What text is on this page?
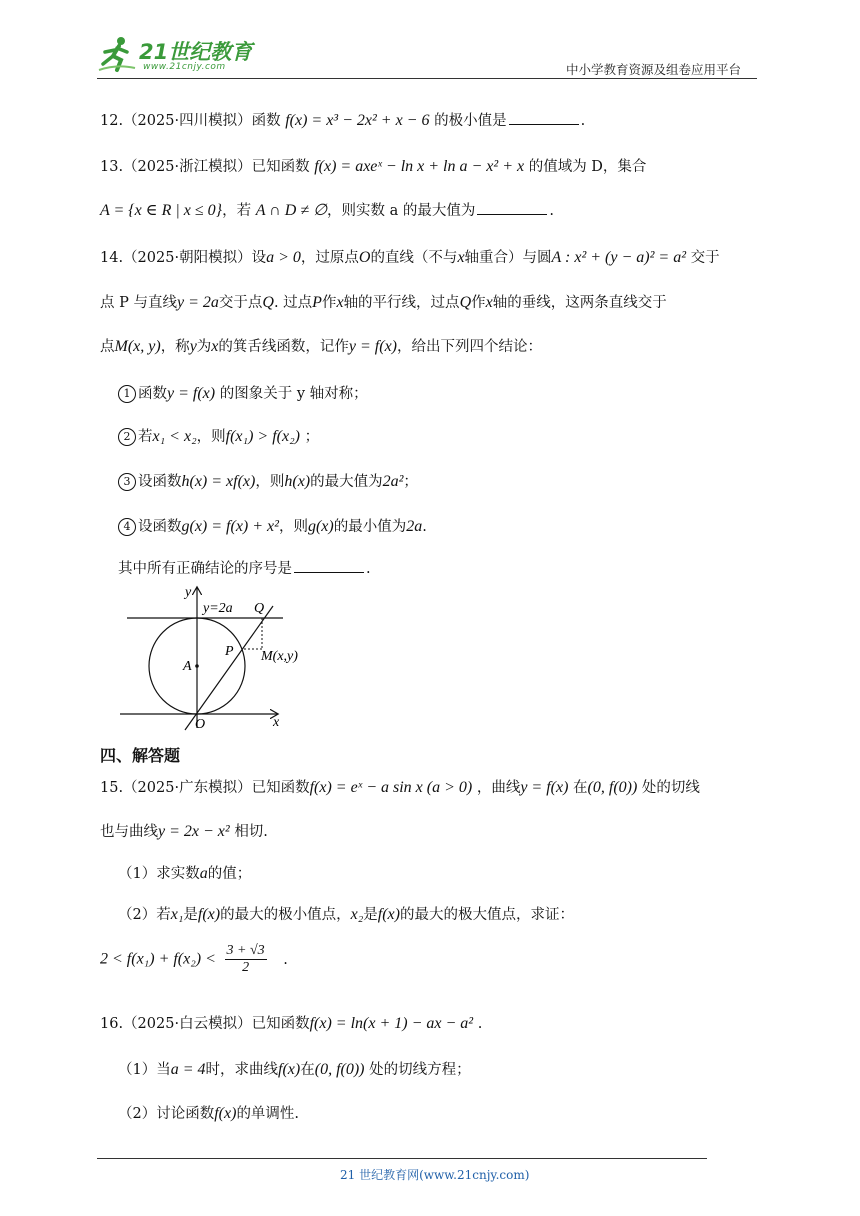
21世纪教育
www.21cnjy.com	中小学教育资源及组卷应用平台
12.（2025·四川模拟）函数 f(x) = x³ − 2x² + x − 6 的极小值是	.
13.（2025·浙江模拟）已知函数 f(x) = axeˣ − ln x + ln a − x² + x 的值域为 D，集合
A = {x ∈ R | x ≤ 0}，若 A ∩ D ≠ ∅，则实数 a 的最大值为	.
14.（2025·朝阳模拟）设a > 0，过原点O的直线（不与x轴重合）与圆A : x² + (y − a)² = a² 交于
点 P 与直线y = 2a交于点Q. 过点P作x轴的平行线，过点Q作x轴的垂线，这两条直线交于
点M(x, y)，称y为x的箕舌线函数，记作y = f(x)，给出下列四个结论：
1 函数y = f(x) 的图象关于 y 轴对称；
2 若x₁ < x₂，则f(x₁) > f(x₂) ；
3 设函数h(x) = xf(x)，则h(x)的最大值为2a²；
4 设函数g(x) = f(x) + x²，则g(x)的最小值为2a.
其中所有正确结论的序号是	.
y
x
y=2a Q
P
A
O
M(x,y)
四、解答题
15.（2025·广东模拟）已知函数f(x) = eˣ − a sin x (a > 0) ，曲线y = f(x) 在(0, f(0)) 处的切线
也与曲线y = 2x − x² 相切.
（1）求实数a的值；
（2）若x₁是f(x)的最大的极小值点，x₂是f(x)的最大的极大值点，求证：
$2 < f(x_1) + f(x_2) < \frac{3 + √3}{2}$ .
16.（2025·白云模拟）已知函数f(x) = ln(x + 1) − ax − a² .
（1）当a = 4时，求曲线f(x)在(0, f(0)) 处的切线方程；
（2）讨论函数f(x)的单调性.
21 世纪教育网(www.21cnjy.com)
